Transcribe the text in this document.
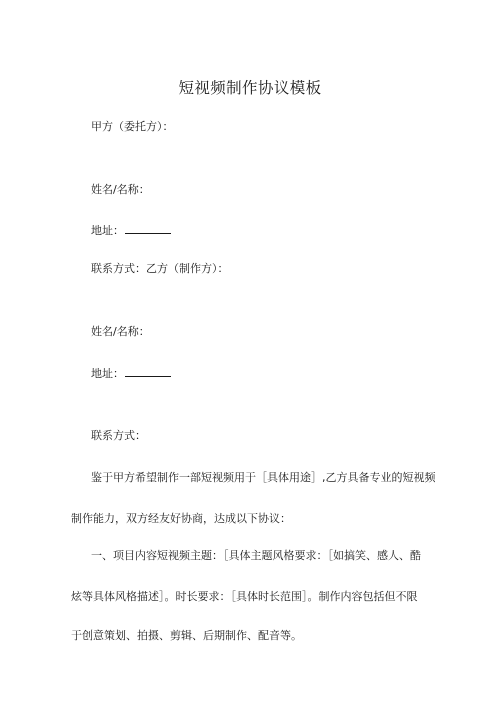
短视频制作协议模板
甲方（委托方）：
姓名/名称：
地址：
联系方式：乙方（制作方）：
姓名/名称：
地址：
联系方式：
鉴于甲方希望制作一部短视频用于［具体用途］,乙方具备专业的短视频
制作能力，双方经友好协商，达成以下协议：
一、项目内容短视频主题：［具体主题风格要求：［如搞笑、感人、酷
炫等具体风格描述］。时长要求：［具体时长范围］。制作内容包括但不限
于创意策划、拍摄、剪辑、后期制作、配音等。
